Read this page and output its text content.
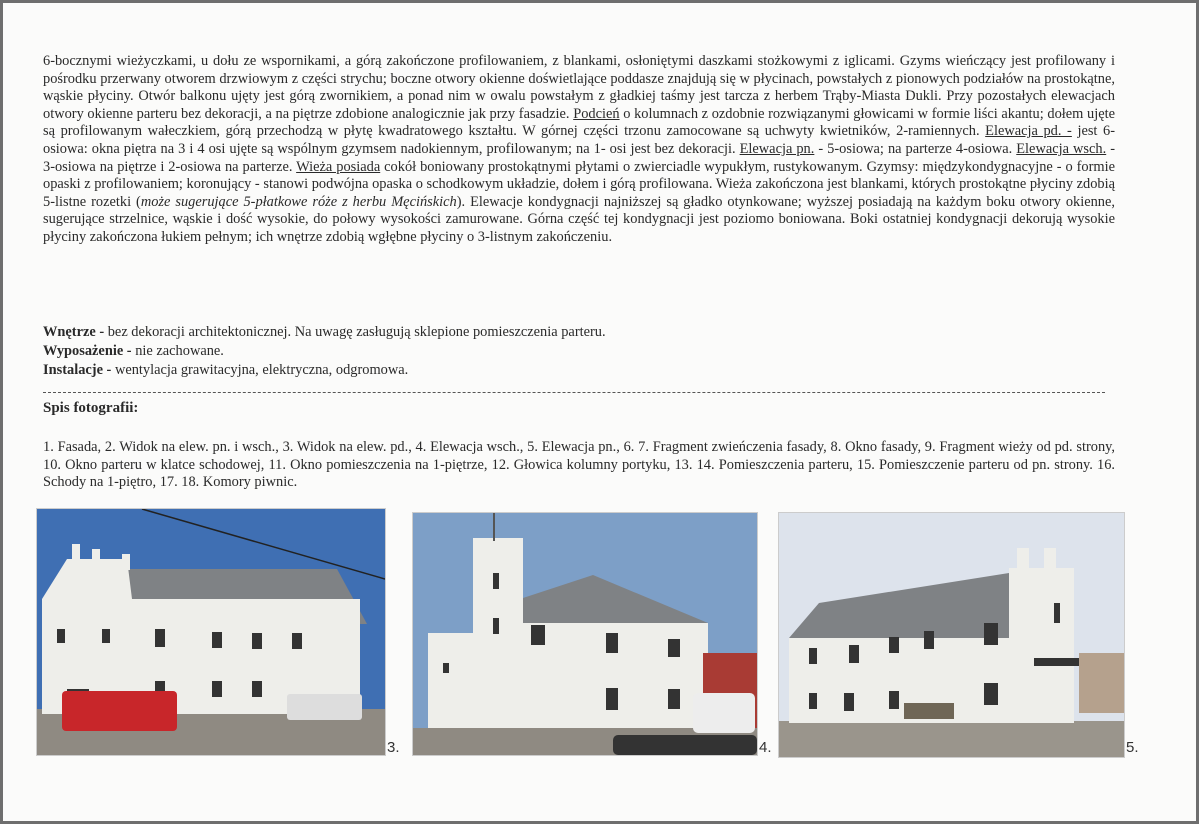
6-bocznymi wieżyczkami, u dołu ze wspornikami, a górą zakończone profilowaniem, z blankami, osłoniętymi daszkami stożkowymi z iglicami. Gzyms wieńczący jest profilowany i pośrodku przerwany otworem drzwiowym z części strychu; boczne otwory okienne doświetlające poddasze znajdują się w płycinach, powstałych z pionowych podziałów na prostokątne, wąskie płyciny. Otwór balkonu ujęty jest górą zwornikiem, a ponad nim w owalu powstałym z gładkiej taśmy jest tarcza z herbem Trąby-Miasta Dukli. Przy pozostałych elewacjach otwory okienne parteru bez dekoracji, a na piętrze zdobione analogicznie jak przy fasadzie. Podcień o kolumnach z ozdobnie rozwiązanymi głowicami w formie liści akantu; dołem ujęte są profilowanym wałeczkiem, górą przechodzą w płytę kwadratowego kształtu. W górnej części trzonu zamocowane są uchwyty kwietników, 2-ramiennych. Elewacja pd. - jest 6-osiowa: okna piętra na 3 i 4 osi ujęte są wspólnym gzymsem nadokiennym, profilowanym; na 1- osi jest bez dekoracji. Elewacja pn. - 5-osiowa; na parterze 4-osiowa. Elewacja wsch. - 3-osiowa na piętrze i 2-osiowa na parterze. Wieża posiada cokół boniowany prostokątnymi płytami o zwierciadle wypukłym, rustykowanym. Gzymsy: międzykondygnacyjne - o formie opaski z profilowaniem; koronujący - stanowi podwójna opaska o schodkowym układzie, dołem i górą profilowana. Wieża zakończona jest blankami, których prostokątne płyciny zdobią 5-listne rozetki (może sugerujące 5-płatkowe róże z herbu Męcińskich). Elewacje kondygnacji najniższej są gładko otynkowane; wyższej posiadają na każdym boku otwory okienne, sugerujące strzelnice, wąskie i dość wysokie, do połowy wysokości zamurowane. Górna część tej kondygnacji jest poziomo boniowana. Boki ostatniej kondygnacji dekorują wysokie płyciny zakończona łukiem pełnym; ich wnętrze zdobią wgłębne płyciny o 3-listnym zakończeniu.

Wnętrze - bez dekoracji architektonicznej. Na uwagę zasługują sklepione pomieszczenia parteru.
Wyposażenie - nie zachowane.
Instalacje - wentylacja grawitacyjna, elektryczna, odgromowa.
Spis fotografii:
1. Fasada, 2. Widok na elew. pn. i wsch., 3. Widok na elew. pd., 4. Elewacja wsch., 5. Elewacja pn., 6. 7. Fragment zwieńczenia fasady, 8. Okno fasady, 9. Fragment wieży od pd. strony, 10. Okno parteru w klatce schodowej, 11. Okno pomieszczenia na 1-piętrze, 12. Głowica kolumny portyku, 13. 14. Pomieszczenia parteru, 15. Pomieszczenie parteru od pn. strony. 16. Schody na 1-piętro, 17. 18. Komory piwnic.
3.	4.	5.
